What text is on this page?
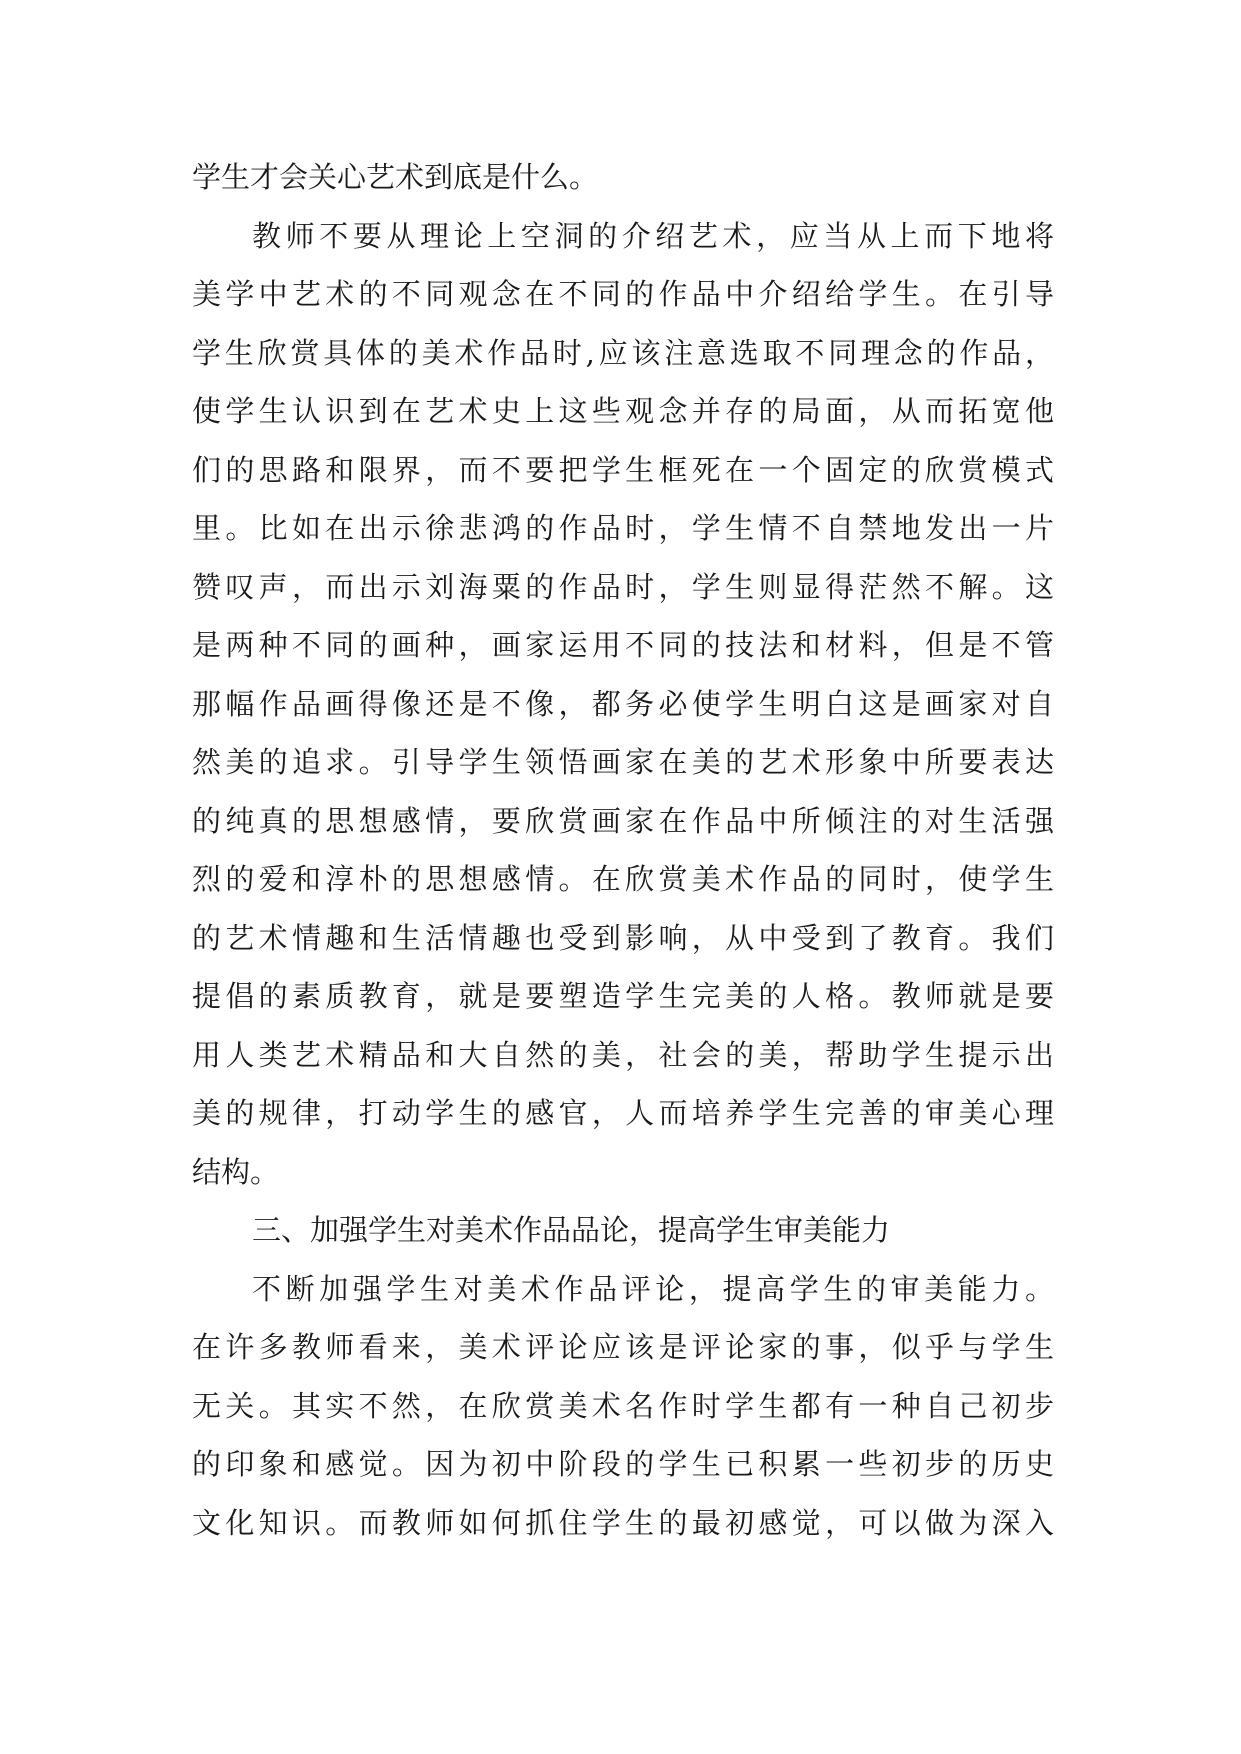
学生才会关心艺术到底是什么。
教师不要从理论上空洞的介绍艺术，应当从上而下地将
美学中艺术的不同观念在不同的作品中介绍给学生。在引导
学生欣赏具体的美术作品时,应该注意选取不同理念的作品，
使学生认识到在艺术史上这些观念并存的局面，从而拓宽他
们的思路和限界，而不要把学生框死在一个固定的欣赏模式
里。比如在出示徐悲鸿的作品时，学生情不自禁地发出一片
赞叹声，而出示刘海粟的作品时，学生则显得茫然不解。这
是两种不同的画种，画家运用不同的技法和材料，但是不管
那幅作品画得像还是不像，都务必使学生明白这是画家对自
然美的追求。引导学生领悟画家在美的艺术形象中所要表达
的纯真的思想感情，要欣赏画家在作品中所倾注的对生活强
烈的爱和淳朴的思想感情。在欣赏美术作品的同时，使学生
的艺术情趣和生活情趣也受到影响，从中受到了教育。我们
提倡的素质教育，就是要塑造学生完美的人格。教师就是要
用人类艺术精品和大自然的美，社会的美，帮助学生提示出
美的规律，打动学生的感官，人而培养学生完善的审美心理
结构。
三、加强学生对美术作品品论，提高学生审美能力
不断加强学生对美术作品评论，提高学生的审美能力。
在许多教师看来，美术评论应该是评论家的事，似乎与学生
无关。其实不然，在欣赏美术名作时学生都有一种自己初步
的印象和感觉。因为初中阶段的学生已积累一些初步的历史
文化知识。而教师如何抓住学生的最初感觉，可以做为深入
